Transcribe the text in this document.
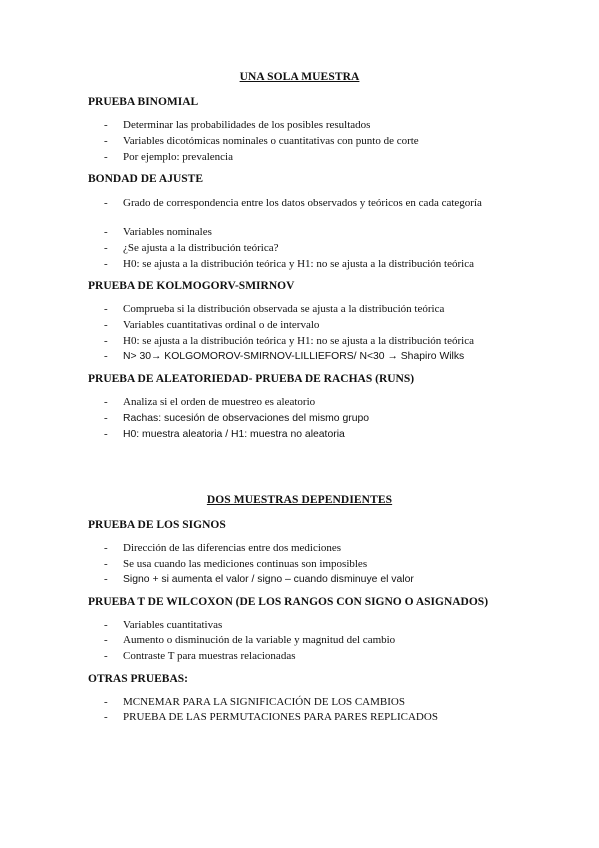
UNA SOLA MUESTRA
PRUEBA BINOMIAL
- Determinar las probabilidades de los posibles resultados
- Variables dicotómicas nominales o cuantitativas con punto de corte
- Por ejemplo: prevalencia
BONDAD DE AJUSTE
- Grado de correspondencia entre los datos observados y teóricos en cada categoría
- Variables nominales
- ¿Se ajusta a la distribución teórica?
- H0: se ajusta a la distribución teórica y H1: no se ajusta a la distribución teórica
PRUEBA DE KOLMOGORV-SMIRNOV
- Comprueba si la distribución observada se ajusta a la distribución teórica
- Variables cuantitativas ordinal o de intervalo
- H0: se ajusta a la distribución teórica y H1: no se ajusta a la distribución teórica
- N> 30→ KOLGOMOROV-SMIRNOV-LILLIEFORS/ N<30 → Shapiro Wilks
PRUEBA DE ALEATORIEDAD- PRUEBA DE RACHAS (RUNS)
- Analiza si el orden de muestreo es aleatorio
- Rachas: sucesión de observaciones del mismo grupo
- H0: muestra aleatoria / H1: muestra no aleatoria
DOS MUESTRAS DEPENDIENTES
PRUEBA DE LOS SIGNOS
- Dirección de las diferencias entre dos mediciones
- Se usa cuando las mediciones continuas son imposibles
- Signo + si aumenta el valor / signo – cuando disminuye el valor
PRUEBA T DE WILCOXON (DE LOS RANGOS CON SIGNO O ASIGNADOS)
- Variables cuantitativas
- Aumento o disminución de la variable y magnitud del cambio
- Contraste T para muestras relacionadas
OTRAS PRUEBAS:
- MCNEMAR PARA LA SIGNIFICACIÓN DE LOS CAMBIOS
- PRUEBA DE LAS PERMUTACIONES PARA PARES REPLICADOS
